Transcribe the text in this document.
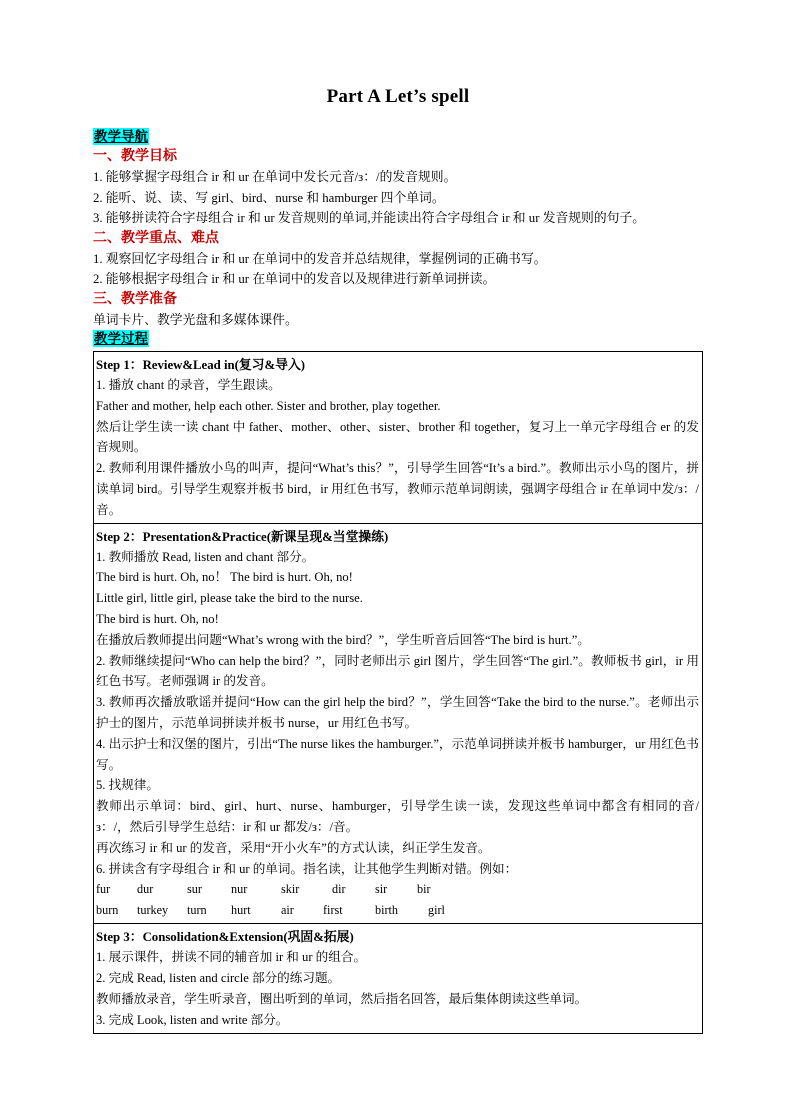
Part A Let’s spell
教学导航
一、教学目标
1. 能够掌握字母组合 ir 和 ur 在单词中发长元音/з：/的发音规则。
2. 能听、说、读、写 girl、bird、nurse 和 hamburger 四个单词。
3. 能够拼读符合字母组合 ir 和 ur 发音规则的单词,并能读出符合字母组合 ir 和 ur 发音规则的句子。
二、教学重点、难点
1. 观察回忆字母组合 ir 和 ur 在单词中的发音并总结规律，掌握例词的正确书写。
2. 能够根据字母组合 ir 和 ur 在单词中的发音以及规律进行新单词拼读。
三、教学准备
单词卡片、教学光盘和多媒体课件。
教学过程
Step 1：Review&Lead in(复习&导入)
1. 播放 chant 的录音，学生跟读。
Father and mother, help each other. Sister and brother, play together.
然后让学生读一读 chant 中 father、mother、other、sister、brother 和 together，复习上一单元字母组合 er 的发音规则。
2. 教师利用课件播放小鸟的叫声，提问“What’s this？”，引导学生回答“It’s a bird.”。教师出示小鸟的图片，拼读单词 bird。引导学生观察并板书 bird，ir 用红色书写，教师示范单词朗读，强调字母组合 ir 在单词中发/з：/音。

Step 2：Presentation&Practice(新课呈现&当堂操练)
1. 教师播放 Read, listen and chant 部分。
The bird is hurt. Oh, no！ The bird is hurt. Oh, no!
Little girl, little girl, please take the bird to the nurse.
The bird is hurt. Oh, no!
在播放后教师提出问题“What’s wrong with the bird？”，学生听音后回答“The bird is hurt.”。
2. 教师继续提问“Who can help the bird？”，同时老师出示 girl 图片，学生回答“The girl.”。教师板书 girl，ir 用红色书写。老师强调 ir 的发音。
3. 教师再次播放歌谣并提问“How can the girl help the bird？”，学生回答“Take the bird to the nurse.”。老师出示护士的图片，示范单词拼读并板书 nurse，ur 用红色书写。
4. 出示护士和汉堡的图片，引出“The nurse likes the hamburger.”，示范单词拼读并板书 hamburger，ur 用红色书写。
5. 找规律。
教师出示单词：bird、girl、hurt、nurse、hamburger，引导学生读一读，发现这些单词中都含有相同的音/з：/，然后引导学生总结：ir 和 ur 都发/з：/音。
再次练习 ir 和 ur 的发音，采用“开小火车”的方式认读，纠正学生发音。
6. 拼读含有字母组合 ir 和 ur 的单词。指名读，让其他学生判断对错。例如：
fur	dur	sur	nur	skir	dir	sir	bir
burn	turkey	turn	hurt	air	first	birth	girl

Step 3：Consolidation&Extension(巩固&拓展)
1. 展示课件，拼读不同的辅音加 ir 和 ur 的组合。
2. 完成 Read, listen and circle 部分的练习题。
教师播放录音，学生听录音，圈出听到的单词，然后指名回答，最后集体朗读这些单词。
3. 完成 Look, listen and write 部分。
